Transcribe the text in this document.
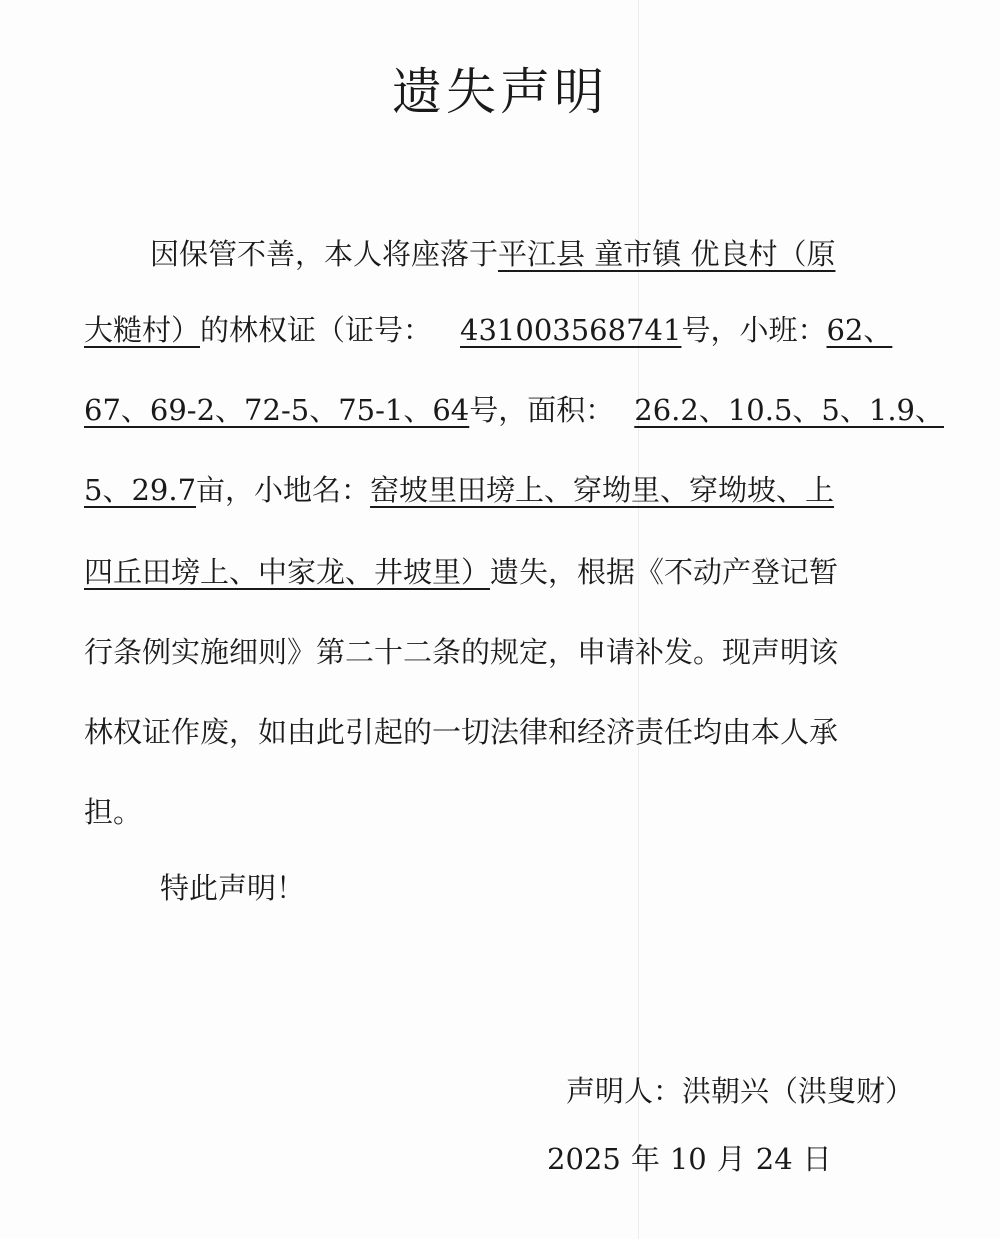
遗失声明
因保管不善，本人将座落于平江县 童市镇 优良村（原
大糙村）的林权证（证号： 431003568741号，小班：62、
67、69-2、72-5、75-1、64号，面积： 26.2、10.5、5、1.9、
5、29.7亩，小地名：窑坡里田塝上、穿坳里、穿坳坡、上
四丘田塝上、中家龙、井坡里）遗失，根据《不动产登记暂
行条例实施细则》第二十二条的规定，申请补发。现声明该
林权证作废，如由此引起的一切法律和经济责任均由本人承
担。
特此声明！
声明人：洪朝兴（洪叟财）
2025 年 10 月 24 日
